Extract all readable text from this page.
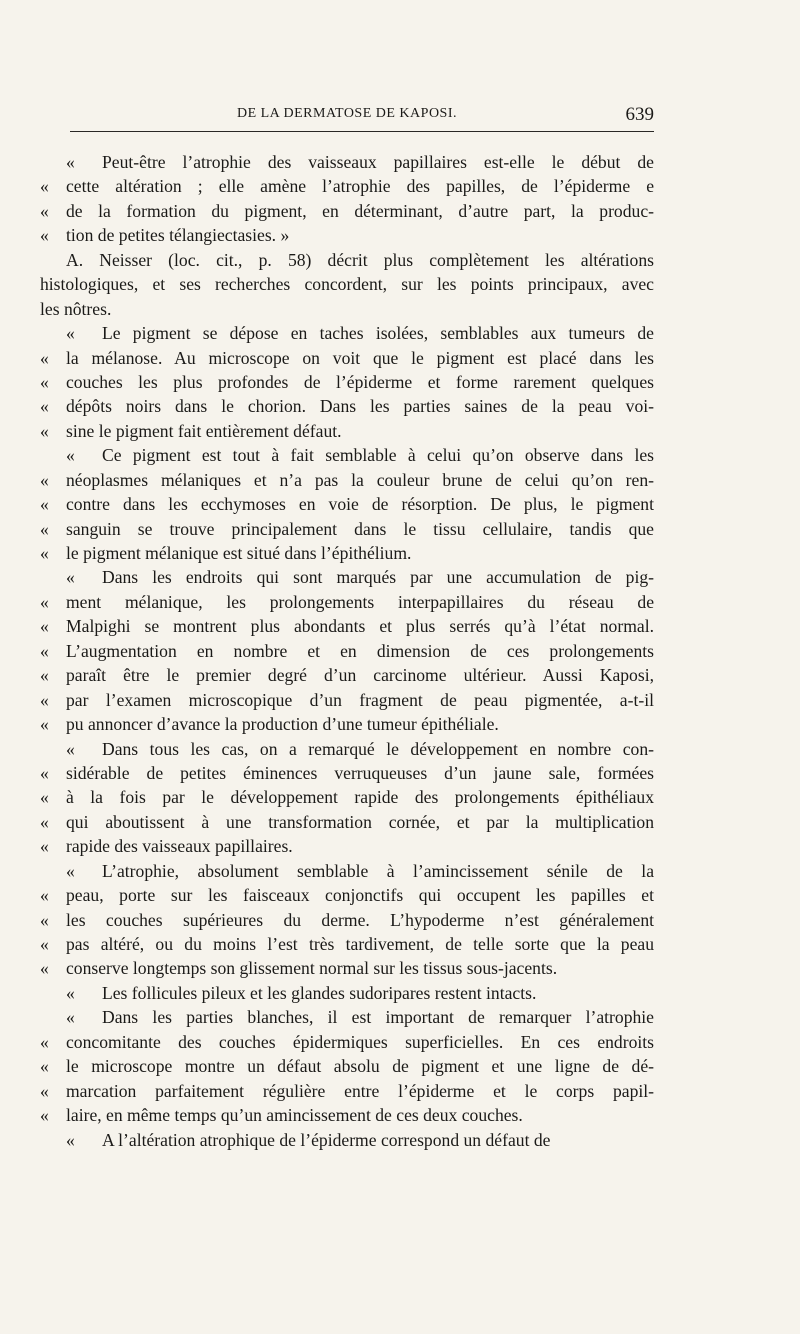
DE LA DERMATOSE DE KAPOSI.	639
« Peut-être l’atrophie des vaisseaux papillaires est-elle le début de
« cette altération ; elle amène l’atrophie des papilles, de l’épiderme e
« de la formation du pigment, en déterminant, d’autre part, la produc-
« tion de petites télangiectasies. »
A. Neisser (loc. cit., p. 58) décrit plus complètement les altérations
histologiques, et ses recherches concordent, sur les points principaux, avec
les nôtres.
« Le pigment se dépose en taches isolées, semblables aux tumeurs de
« la mélanose. Au microscope on voit que le pigment est placé dans les
« couches les plus profondes de l’épiderme et forme rarement quelques
« dépôts noirs dans le chorion. Dans les parties saines de la peau voi-
« sine le pigment fait entièrement défaut.
« Ce pigment est tout à fait semblable à celui qu’on observe dans les
« néoplasmes mélaniques et n’a pas la couleur brune de celui qu’on ren-
« contre dans les ecchymoses en voie de résorption. De plus, le pigment
« sanguin se trouve principalement dans le tissu cellulaire, tandis que
« le pigment mélanique est situé dans l’épithélium.
« Dans les endroits qui sont marqués par une accumulation de pig-
« ment mélanique, les prolongements interpapillaires du réseau de
« Malpighi se montrent plus abondants et plus serrés qu’à l’état normal.
« L’augmentation en nombre et en dimension de ces prolongements
« paraît être le premier degré d’un carcinome ultérieur. Aussi Kaposi,
« par l’examen microscopique d’un fragment de peau pigmentée, a-t-il
« pu annoncer d’avance la production d’une tumeur épithéliale.
« Dans tous les cas, on a remarqué le développement en nombre con-
« sidérable de petites éminences verruqueuses d’un jaune sale, formées
« à la fois par le développement rapide des prolongements épithéliaux
« qui aboutissent à une transformation cornée, et par la multiplication
« rapide des vaisseaux papillaires.
« L’atrophie, absolument semblable à l’amincissement sénile de la
« peau, porte sur les faisceaux conjonctifs qui occupent les papilles et
« les couches supérieures du derme. L’hypoderme n’est généralement
« pas altéré, ou du moins l’est très tardivement, de telle sorte que la peau
« conserve longtemps son glissement normal sur les tissus sous-jacents.
« Les follicules pileux et les glandes sudoripares restent intacts.
« Dans les parties blanches, il est important de remarquer l’atrophie
« concomitante des couches épidermiques superficielles. En ces endroits
« le microscope montre un défaut absolu de pigment et une ligne de dé-
« marcation parfaitement régulière entre l’épiderme et le corps papil-
« laire, en même temps qu’un amincissement de ces deux couches.
« A l’altération atrophique de l’épiderme correspond un défaut de
